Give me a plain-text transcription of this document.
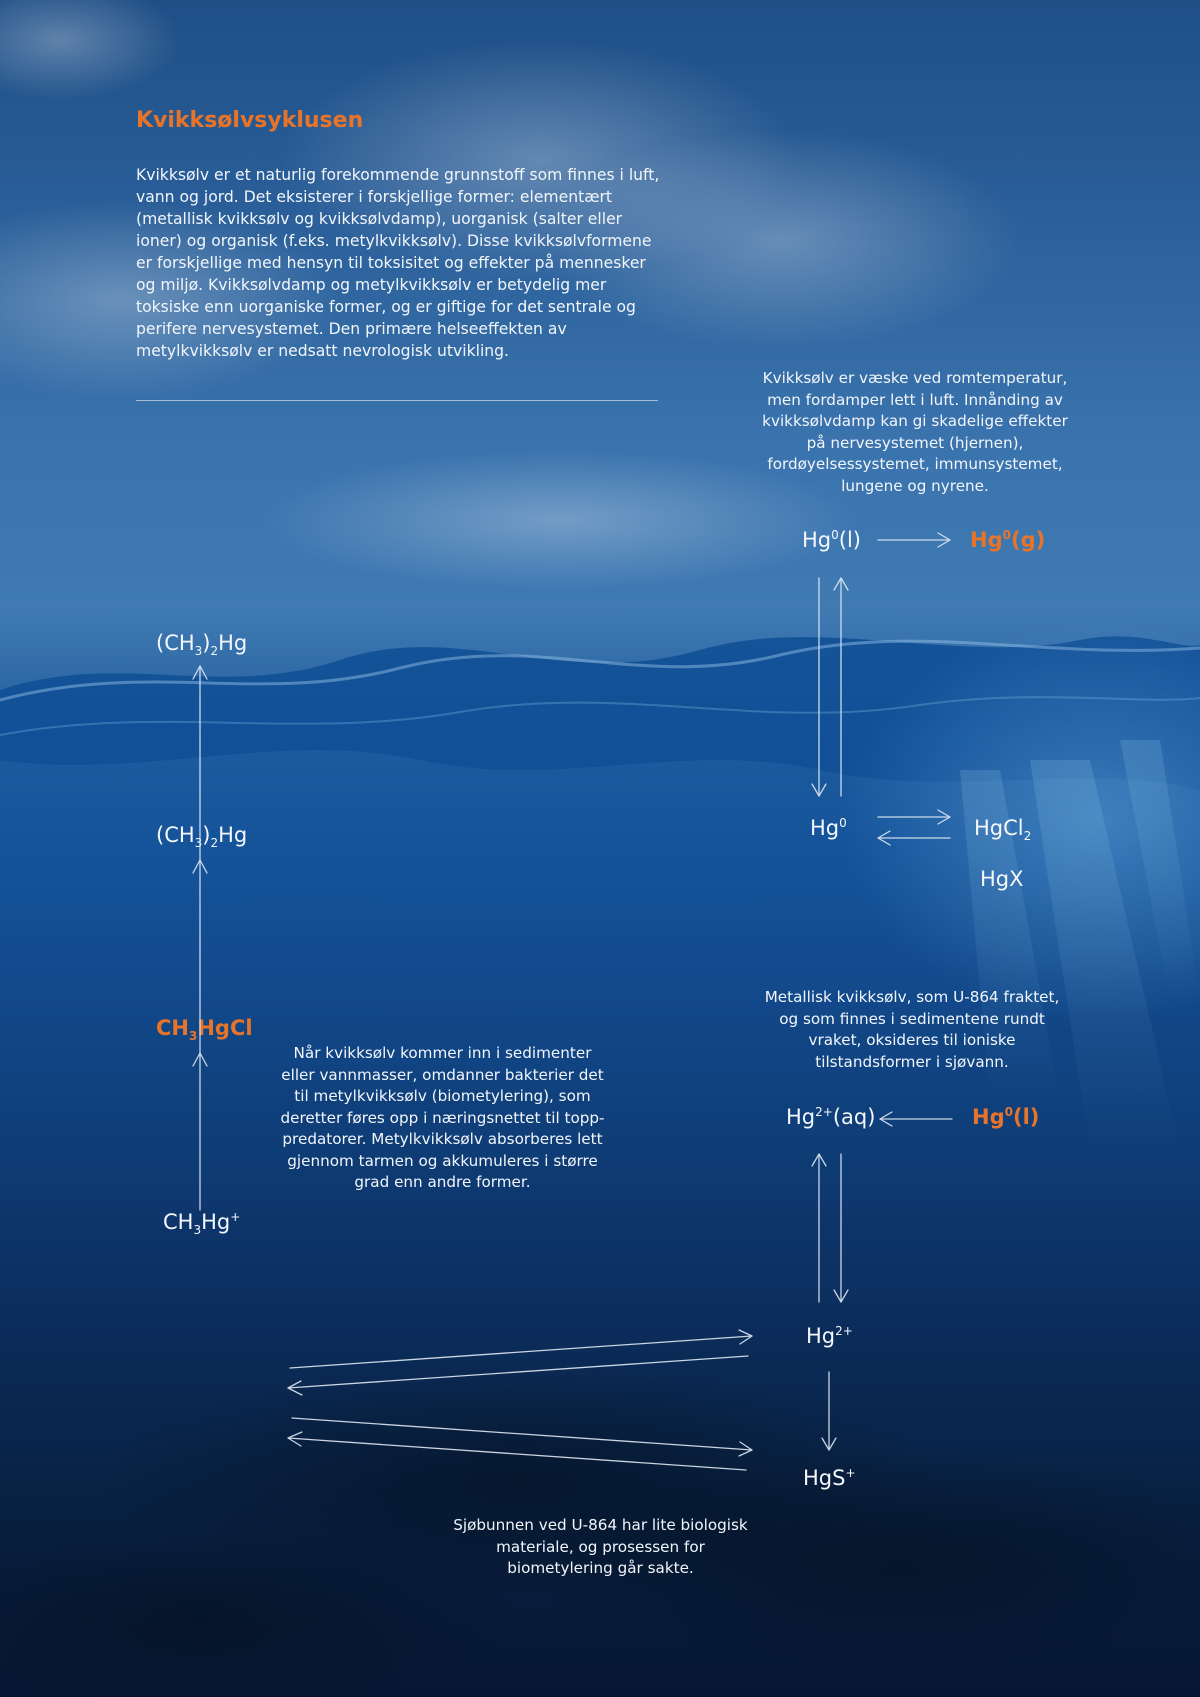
Kvikksølvsyklusen

Kvikksølv er et naturlig forekommende grunnstoff som finnes i luft, vann og jord. Det eksisterer i forskjellige former: elementært (metallisk kvikksølv og kvikksølvdamp), uorganisk (salter eller ioner) og organisk (f.eks. metylkvikksølv). Disse kvikksølvformene er forskjellige med hensyn til toksisitet og effekter på mennesker og miljø. Kvikksølvdamp og metylkvikksølv er betydelig mer toksiske enn uorganiske former, og er giftige for det sentrale og perifere nervesystemet. Den primære helseeffekten av metylkvikksølv er nedsatt nevrologisk utvikling.

Kvikksølv er væske ved romtemperatur, men fordamper lett i luft. Innånding av kvikksølvdamp kan gi skadelige effekter på nervesystemet (hjernen), fordøyelsessystemet, immunsystemet, lungene og nyrene.

Når kvikksølv kommer inn i sedimenter eller vannmasser, omdanner bakterier det til metylkvikksølv (biometylering), som deretter føres opp i næringsnettet til topp-predatorer. Metylkvikksølv absorberes lett gjennom tarmen og akkumuleres i større grad enn andre former.

Metallisk kvikksølv, som U-864 fraktet, og som finnes i sedimentene rundt vraket, oksideres til ioniske tilstandsformer i sjøvann.

Sjøbunnen ved U-864 har lite biologisk materiale, og prosessen for biometylering går sakte.

Hg$^0$(l)	Hg$^0$(g)
Hg$^0$	HgCl$_2$
HgX
$Hg^{2+}(aq)$	Hg$^0$(l)
$Hg^{2+}$
HgS+
$(CH_3)_2Hg$
$(CH_3)_2Hg$
$CH_3HgCl$
$CH_3Hg^+$
